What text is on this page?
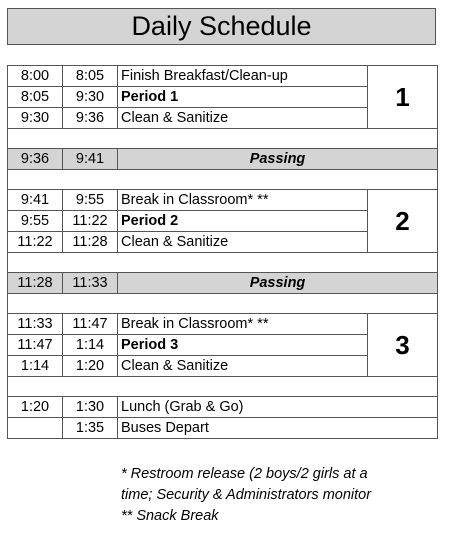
Daily Schedule
8:00	8:05	Finish Breakfast/Clean-up	1
8:05	9:30	Period 1	
9:30	9:36	Clean & Sanitize	

9:36	9:41	Passing	

9:41	9:55	Break in Classroom* **	2
9:55	11:22	Period 2	
11:22	11:28	Clean & Sanitize	

11:28	11:33	Passing	

11:33	11:47	Break in Classroom* **	3
11:47	1:14	Period 3	
1:14	1:20	Clean & Sanitize	

1:20	1:30	Lunch (Grab & Go)	
	1:35	Buses Depart	
* Restroom release (2 boys/2 girls at a
time; Security & Administrators monitor
** Snack Break
